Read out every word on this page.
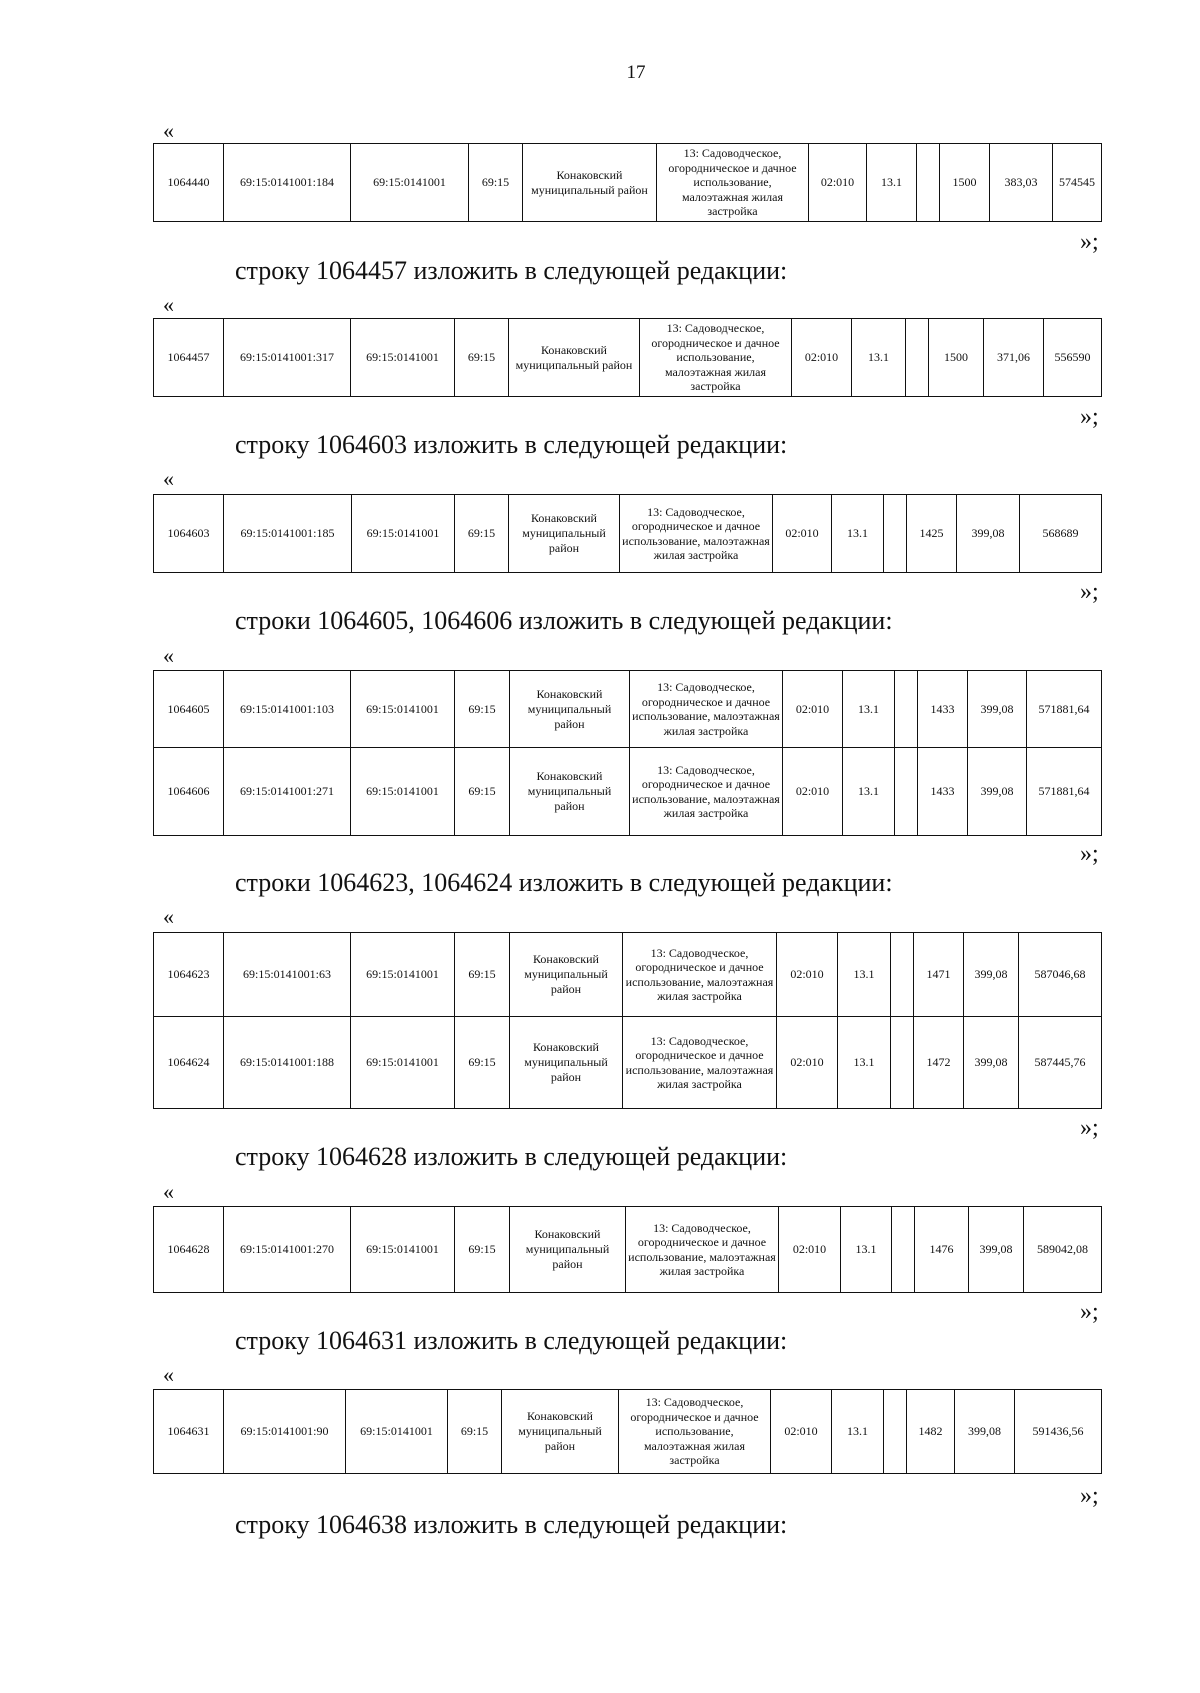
17
«
1064440	69:15:0141001:184	69:15:0141001	69:15	Конаковский муниципальный район	13: Садоводческое, огородническое и дачное использование, малоэтажная жилая застройка	02:010	13.1		1500	383,03	574545
»;
строку 1064457 изложить в следующей редакции:
«
1064457	69:15:0141001:317	69:15:0141001	69:15	Конаковский муниципальный район	13: Садоводческое, огородническое и дачное использование, малоэтажная жилая застройка	02:010	13.1		1500	371,06	556590
»;
строку 1064603 изложить в следующей редакции:
«
1064603	69:15:0141001:185	69:15:0141001	69:15	Конаковский муниципальный район	13: Садоводческое, огородническое и дачное использование, малоэтажная жилая застройка	02:010	13.1		1425	399,08	568689
»;
строки 1064605, 1064606 изложить в следующей редакции:
«
1064605	69:15:0141001:103	69:15:0141001	69:15	Конаковский муниципальный район	13: Садоводческое, огородническое и дачное использование, малоэтажная жилая застройка	02:010	13.1		1433	399,08	571881,64
1064606	69:15:0141001:271	69:15:0141001	69:15	Конаковский муниципальный район	13: Садоводческое, огородническое и дачное использование, малоэтажная жилая застройка	02:010	13.1		1433	399,08	571881,64
»;
строки 1064623, 1064624 изложить в следующей редакции:
«
1064623	69:15:0141001:63	69:15:0141001	69:15	Конаковский муниципальный район	13: Садоводческое, огородническое и дачное использование, малоэтажная жилая застройка	02:010	13.1		1471	399,08	587046,68
1064624	69:15:0141001:188	69:15:0141001	69:15	Конаковский муниципальный район	13: Садоводческое, огородническое и дачное использование, малоэтажная жилая застройка	02:010	13.1		1472	399,08	587445,76
»;
строку 1064628 изложить в следующей редакции:
«
1064628	69:15:0141001:270	69:15:0141001	69:15	Конаковский муниципальный район	13: Садоводческое, огородническое и дачное использование, малоэтажная жилая застройка	02:010	13.1		1476	399,08	589042,08
»;
строку 1064631 изложить в следующей редакции:
«
1064631	69:15:0141001:90	69:15:0141001	69:15	Конаковский муниципальный район	13: Садоводческое, огородническое и дачное использование, малоэтажная жилая застройка	02:010	13.1		1482	399,08	591436,56
»;
строку 1064638 изложить в следующей редакции:
